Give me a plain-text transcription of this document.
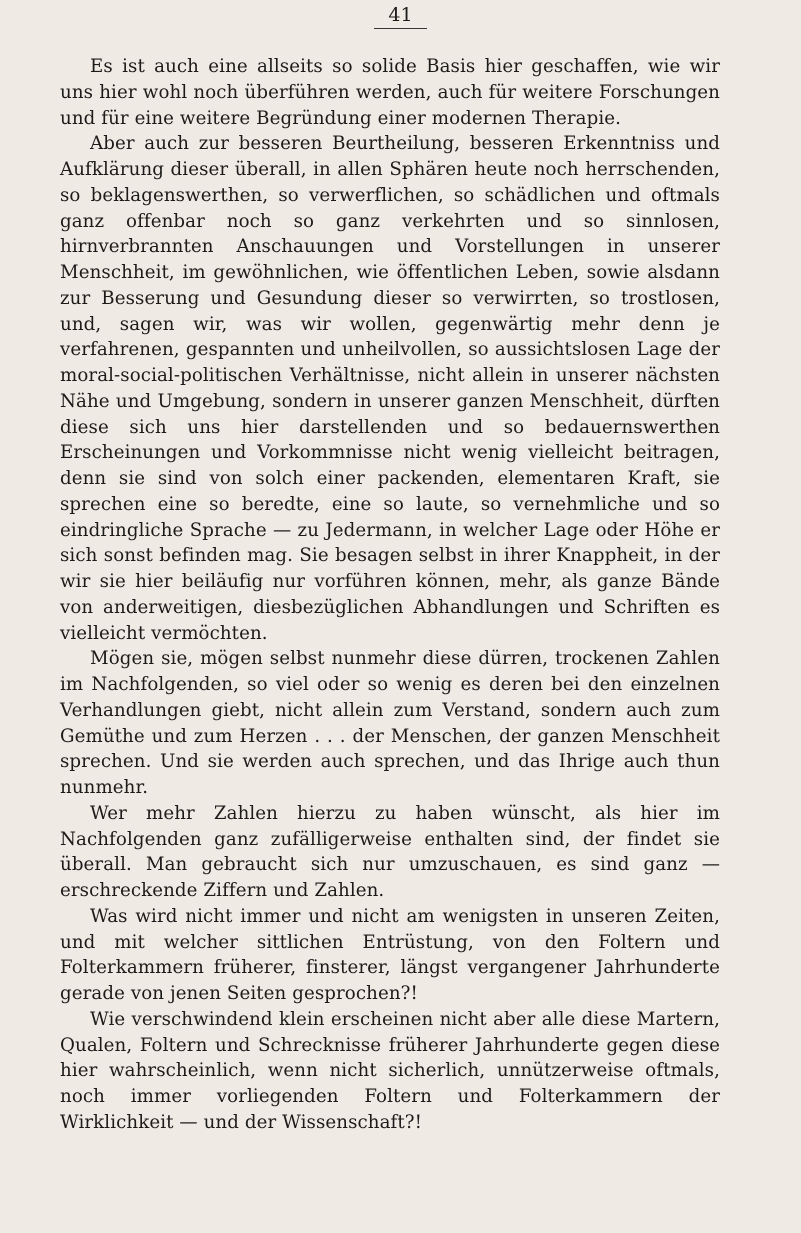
41

Es ist auch eine allseits so solide Basis hier geschaffen, wie wir uns hier wohl noch überführen werden, auch für weitere Forschungen und für eine weitere Begründung einer modernen Therapie.

Aber auch zur besseren Beurtheilung, besseren Erkenntniss und Aufklärung dieser überall, in allen Sphären heute noch herrschenden, so beklagenswerthen, so verwerflichen, so schädlichen und oftmals ganz offenbar noch so ganz verkehrten und so sinnlosen, hirnverbrannten Anschauungen und Vorstellungen in unserer Menschheit, im gewöhnlichen, wie öffentlichen Leben, sowie alsdann zur Besserung und Gesundung dieser so verwirrten, so trostlosen, und, sagen wir, was wir wollen, gegenwärtig mehr denn je verfahrenen, gespannten und unheilvollen, so aussichtslosen Lage der moral-social-politischen Verhältnisse, nicht allein in unserer nächsten Nähe und Umgebung, sondern in unserer ganzen Menschheit, dürften diese sich uns hier darstellenden und so bedauernswerthen Erscheinungen und Vorkommnisse nicht wenig vielleicht beitragen, denn sie sind von solch einer packenden, elementaren Kraft, sie sprechen eine so beredte, eine so laute, so vernehmliche und so eindringliche Sprache — zu Jedermann, in welcher Lage oder Höhe er sich sonst befinden mag. Sie besagen selbst in ihrer Knappheit, in der wir sie hier beiläufig nur vorführen können, mehr, als ganze Bände von anderweitigen, diesbezüglichen Abhandlungen und Schriften es vielleicht vermöchten.

Mögen sie, mögen selbst nunmehr diese dürren, trockenen Zahlen im Nachfolgenden, so viel oder so wenig es deren bei den einzelnen Verhandlungen giebt, nicht allein zum Verstand, sondern auch zum Gemüthe und zum Herzen . . . der Menschen, der ganzen Menschheit sprechen. Und sie werden auch sprechen, und das Ihrige auch thun nunmehr.

Wer mehr Zahlen hierzu zu haben wünscht, als hier im Nachfolgenden ganz zufälligerweise enthalten sind, der findet sie überall. Man gebraucht sich nur umzuschauen, es sind ganz — erschreckende Ziffern und Zahlen.

Was wird nicht immer und nicht am wenigsten in unseren Zeiten, und mit welcher sittlichen Entrüstung, von den Foltern und Folterkammern früherer, finsterer, längst vergangener Jahrhunderte gerade von jenen Seiten gesprochen?!

Wie verschwindend klein erscheinen nicht aber alle diese Martern, Qualen, Foltern und Schrecknisse früherer Jahrhunderte gegen diese hier wahrscheinlich, wenn nicht sicherlich, unnützerweise oftmals, noch immer vorliegenden Foltern und Folterkammern der Wirklichkeit — und der Wissenschaft?!
